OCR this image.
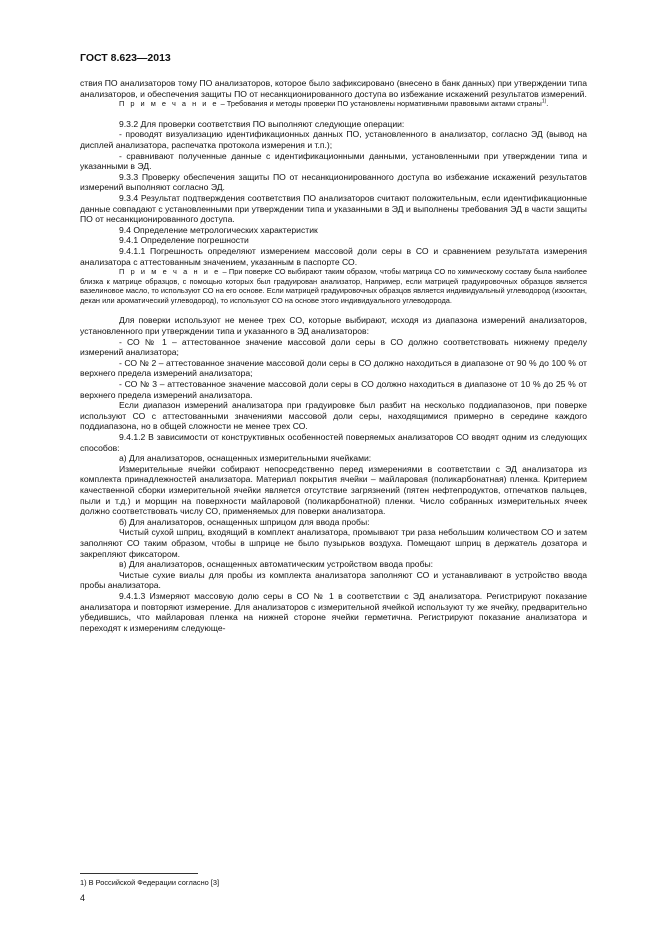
ГОСТ 8.623—2013

ствия ПО анализаторов тому ПО анализаторов, которое было зафиксировано (внесено в банк данных) при утверждении типа анализаторов, и обеспечения защиты ПО от несанкционированного доступа во избежание искажений результатов измерений.

П р и м е ч а н и е – Требования и методы проверки ПО установлены нормативными правовыми актами страны$^{1)}$.

9.3.2 Для проверки соответствия ПО выполняют следующие операции:

- проводят визуализацию идентификационных данных ПО, установленного в анализатор, согласно ЭД (вывод на дисплей анализатора, распечатка протокола измерения и т.п.);

- сравнивают полученные данные с идентификационными данными, установленными при утверждении типа и указанными в ЭД.

9.3.3 Проверку обеспечения защиты ПО от несанкционированного доступа во избежание искажений результатов измерений выполняют согласно ЭД.

9.3.4 Результат подтверждения соответствия ПО анализаторов считают положительным, если идентификационные данные совпадают с установленными при утверждении типа и указанными в ЭД и выполнены требования ЭД в части защиты ПО от несанкционированного доступа.

9.4 Определение метрологических характеристик

9.4.1 Определение погрешности

9.4.1.1 Погрешность определяют измерением массовой доли серы в СО и сравнением результата измерения анализатора с аттестованным значением, указанным в паспорте СО.

П р и м е ч а н и е – При поверке СО выбирают таким образом, чтобы матрица СО по химическому составу была наиболее близка к матрице образцов, с помощью которых был градуирован анализатор, Например, если матрицей градуировочных образцов является вазелиновое масло, то используют СО на его основе. Если матрицей градуировочных образцов является индивидуальный углеводород (изооктан, декан или ароматический углеводород), то используют СО на основе этого индивидуального углеводорода.

Для поверки используют не менее трех СО, которые выбирают, исходя из диапазона измерений анализаторов, установленного при утверждении типа и указанного в ЭД анализаторов:

- СО № 1 – аттестованное значение массовой доли серы в СО должно соответствовать нижнему пределу измерений анализатора;

- СО № 2 – аттестованное значение массовой доли серы в СО должно находиться в диапазоне от 90 % до 100 % от верхнего предела измерений анализатора;

- СО № 3 – аттестованное значение массовой доли серы в СО должно находиться в диапазоне от 10 % до 25 % от верхнего предела измерений анализатора.

Если диапазон измерений анализатора при градуировке был разбит на несколько поддиапазонов, при поверке используют СО с аттестованными значениями массовой доли серы, находящимися примерно в середине каждого поддиапазона, но в общей сложности не менее трех СО.

9.4.1.2 В зависимости от конструктивных особенностей поверяемых анализаторов СО вводят одним из следующих способов:

а) Для анализаторов, оснащенных измерительными ячейками:

Измерительные ячейки собирают непосредственно перед измерениями в соответствии с ЭД анализатора из комплекта принадлежностей анализатора. Материал покрытия ячейки – майларовая (поликарбонатная) пленка. Критерием качественной сборки измерительной ячейки является отсутствие загрязнений (пятен нефтепродуктов, отпечатков пальцев, пыли и т.д.) и морщин на поверхности майларовой (поликарбонатной) пленки. Число собранных измерительных ячеек должно соответствовать числу СО, применяемых для поверки анализатора.

б) Для анализаторов, оснащенных шприцом для ввода пробы:

Чистый сухой шприц, входящий в комплект анализатора, промывают три раза небольшим количеством СО и затем заполняют СО таким образом, чтобы в шприце не было пузырьков воздуха. Помещают шприц в держатель дозатора и закрепляют фиксатором.

в) Для анализаторов, оснащенных автоматическим устройством ввода пробы:

Чистые сухие виалы для пробы из комплекта анализатора заполняют СО и устанавливают в устройство ввода пробы анализатора.

9.4.1.3 Измеряют массовую долю серы в СО № 1 в соответствии с ЭД анализатора. Регистрируют показание анализатора и повторяют измерение. Для анализаторов с измерительной ячейкой используют ту же ячейку, предварительно убедившись, что майларовая пленка на нижней стороне ячейки герметична. Регистрируют показание анализатора и переходят к измерениям следующе-

1) В Российской Федерации согласно [3]
4
